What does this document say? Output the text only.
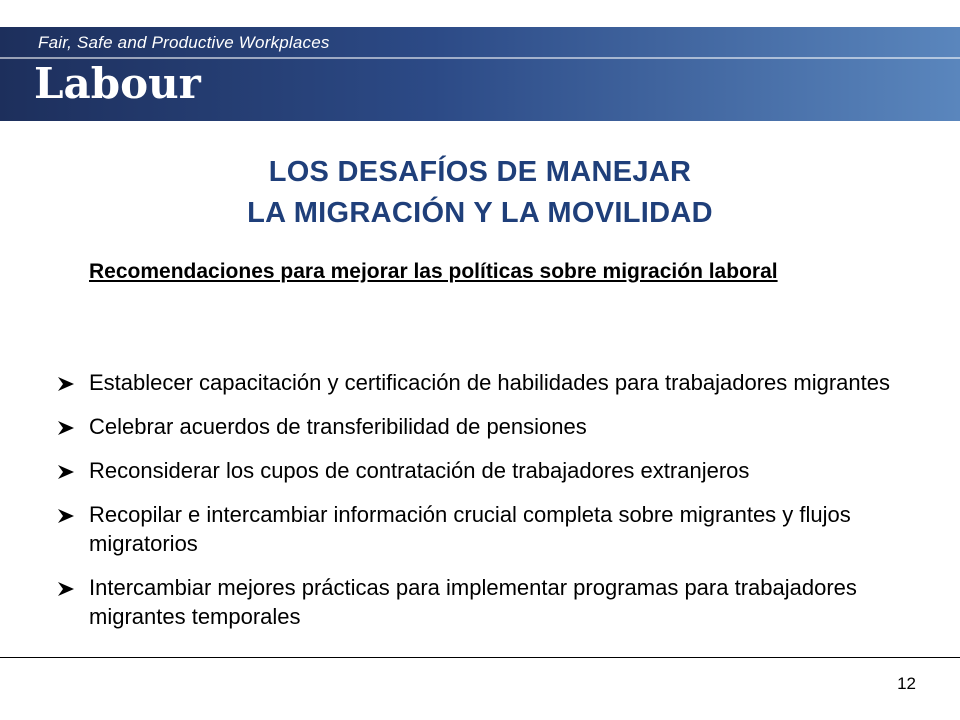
Fair, Safe and Productive Workplaces
Labour
LOS DESAFÍOS DE MANEJAR
LA MIGRACIÓN Y LA MOVILIDAD
Recomendaciones para mejorar las políticas sobre migración laboral
Establecer capacitación y certificación de habilidades para trabajadores migrantes
Celebrar acuerdos de transferibilidad de pensiones
Reconsiderar los cupos de contratación de trabajadores extranjeros
Recopilar e intercambiar información crucial completa sobre migrantes y flujos migratorios
Intercambiar mejores prácticas para implementar programas para trabajadores migrantes temporales
12
